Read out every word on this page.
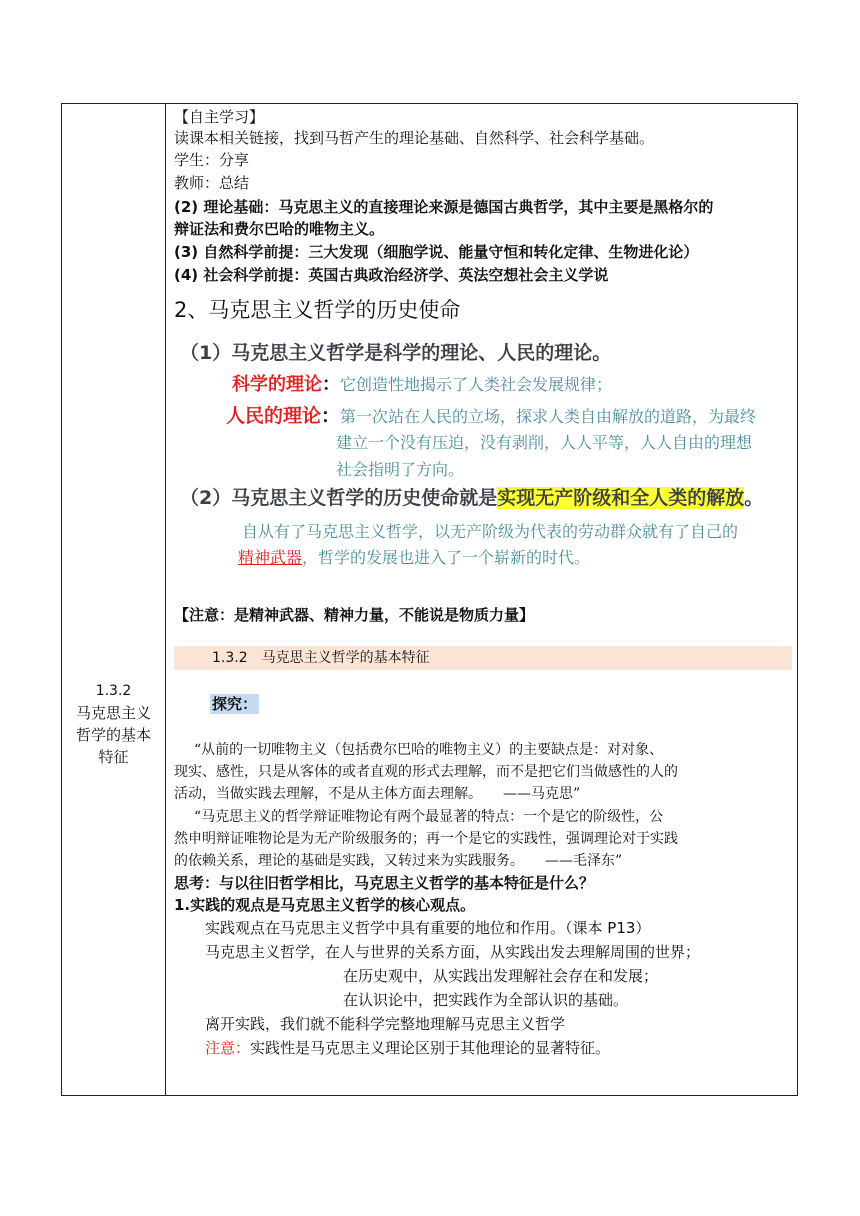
1.3.2
马克思主义
哲学的基本
特征
【自主学习】
读课本相关链接，找到马哲产生的理论基础、自然科学、社会科学基础。
学生：分享
教师：总结
(2) 理论基础：马克思主义的直接理论来源是德国古典哲学，其中主要是黑格尔的
辩证法和费尔巴哈的唯物主义。
(3) 自然科学前提：三大发现（细胞学说、能量守恒和转化定律、生物进化论）
(4) 社会科学前提：英国古典政治经济学、英法空想社会主义学说
2、马克思主义哲学的历史使命
（1）马克思主义哲学是科学的理论、人民的理论。
科学的理论：它创造性地揭示了人类社会发展规律；
人民的理论：第一次站在人民的立场，探求人类自由解放的道路，为最终
建立一个没有压迫，没有剥削，人人平等，人人自由的理想
社会指明了方向。
（2）马克思主义哲学的历史使命就是实现无产阶级和全人类的解放。
自从有了马克思主义哲学，以无产阶级为代表的劳动群众就有了自己的
精神武器，哲学的发展也进入了一个崭新的时代。
【注意：是精神武器、精神力量，不能说是物质力量】
1.3.2　马克思主义哲学的基本特征
探究：
“从前的一切唯物主义（包括费尔巴哈的唯物主义）的主要缺点是：对对象、
现实、感性，只是从客体的或者直观的形式去理解，而不是把它们当做感性的人的
活动，当做实践去理解，不是从主体方面去理解。　　——马克思”
“马克思主义的哲学辩证唯物论有两个最显著的特点：一个是它的阶级性，公
然申明辩证唯物论是为无产阶级服务的；再一个是它的实践性，强调理论对于实践
的依赖关系，理论的基础是实践，又转过来为实践服务。　　——毛泽东”
思考：与以往旧哲学相比，马克思主义哲学的基本特征是什么？
1.实践的观点是马克思主义哲学的核心观点。
实践观点在马克思主义哲学中具有重要的地位和作用。（课本 P13）
马克思主义哲学，在人与世界的关系方面，从实践出发去理解周围的世界；
在历史观中，从实践出发理解社会存在和发展；
在认识论中，把实践作为全部认识的基础。
离开实践，我们就不能科学完整地理解马克思主义哲学
注意：实践性是马克思主义理论区别于其他理论的显著特征。
